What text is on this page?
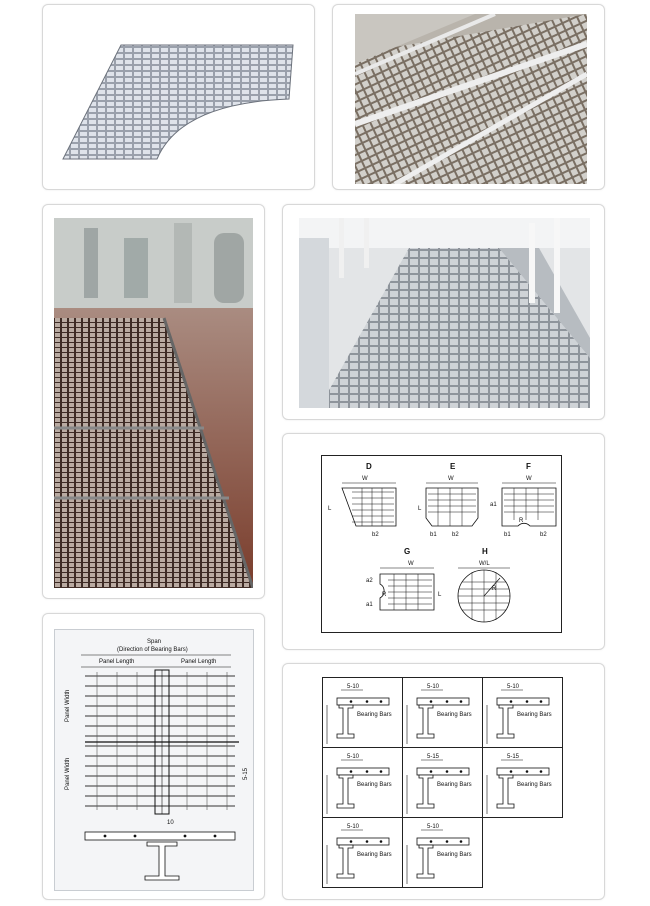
D
W
L
b2
E
W
L
b1	b2
F
W
a1
b1	b2
R
G
W
a2
a1
L
R
H
W/L
R
Span
(Direction of Bearing Bars)
Panel Length	Panel Length
Panel Width
Panel Width	5-15
10
5-10
Bearing Bars
5-10
Bearing Bars
5-10
Bearing Bars
5-10
Bearing Bars
5-15
Bearing Bars
5-15
Bearing Bars
5-10
Bearing Bars
5-10
Bearing Bars
